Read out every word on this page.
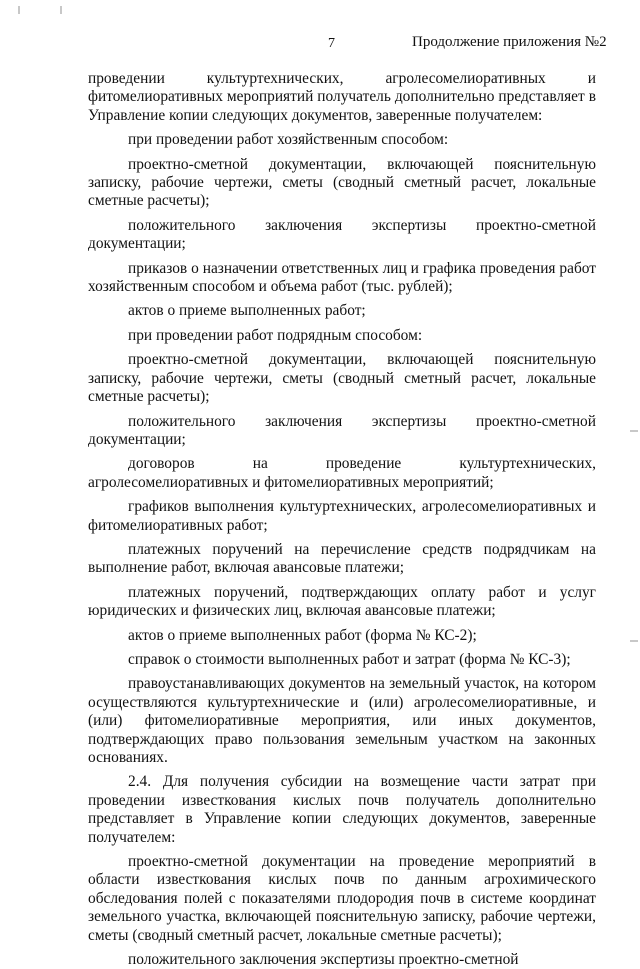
7	Продолжение приложения №2

проведении культуртехнических, агролесомелиоративных и фитомелиоративных мероприятий получатель дополнительно представляет в Управление копии следующих документов, заверенные получателем:

при проведении работ хозяйственным способом:

проектно-сметной документации, включающей пояснительную записку, рабочие чертежи, сметы (сводный сметный расчет, локальные сметные расчеты);

положительного заключения экспертизы проектно-сметной документации;

приказов о назначении ответственных лиц и графика проведения работ хозяйственным способом и объема работ (тыс. рублей);

актов о приеме выполненных работ;

при проведении работ подрядным способом:

проектно-сметной документации, включающей пояснительную записку, рабочие чертежи, сметы (сводный сметный расчет, локальные сметные расчеты);

положительного заключения экспертизы проектно-сметной документации;

договоров на проведение культуртехнических, агролесомелиоративных и фитомелиоративных мероприятий;

графиков выполнения культуртехнических, агролесомелиоративных и фитомелиоративных работ;

платежных поручений на перечисление средств подрядчикам на выполнение работ, включая авансовые платежи;

платежных поручений, подтверждающих оплату работ и услуг юридических и физических лиц, включая авансовые платежи;

актов о приеме выполненных работ (форма № КС-2);

справок о стоимости выполненных работ и затрат (форма № КС-3);

правоустанавливающих документов на земельный участок, на котором осуществляются культуртехнические и (или) агролесомелиоративные, и (или) фитомелиоративные мероприятия, или иных документов, подтверждающих право пользования земельным участком на законных основаниях.

2.4. Для получения субсидии на возмещение части затрат при проведении известкования кислых почв получатель дополнительно представляет в Управление копии следующих документов, заверенные получателем:

проектно-сметной документации на проведение мероприятий в области известкования кислых почв по данным агрохимического обследования полей с показателями плодородия почв в системе координат земельного участка, включающей пояснительную записку, рабочие чертежи, сметы (сводный сметный расчет, локальные сметные расчеты);

положительного заключения экспертизы проектно-сметной
